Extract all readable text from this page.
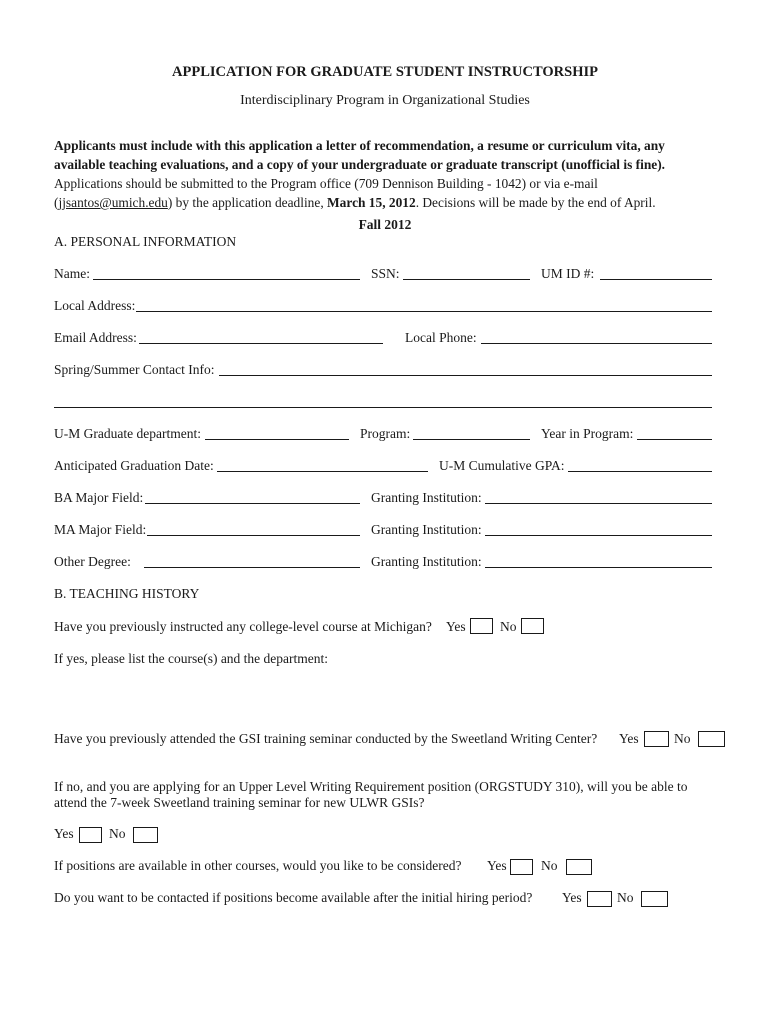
APPLICATION FOR GRADUATE STUDENT INSTRUCTORSHIP
Interdisciplinary Program in Organizational Studies
Applicants must include with this application a letter of recommendation, a resume or curriculum vita, any available teaching evaluations, and a copy of your undergraduate or graduate transcript (unofficial is fine). Applications should be submitted to the Program office (709 Dennison Building - 1042) or via e-mail (jjsantos@umich.edu) by the application deadline, March 15, 2012. Decisions will be made by the end of April.
Fall 2012
A. PERSONAL INFORMATION
Name:	SSN:	UM ID #:
Local Address:
Email Address:	Local Phone:
Spring/Summer Contact Info:
U-M Graduate department:	Program:	Year in Program:
Anticipated Graduation Date:	U-M Cumulative GPA:
BA Major Field:	Granting Institution:
MA Major Field:	Granting Institution:
Other Degree:	Granting Institution:
B. TEACHING HISTORY
Have you previously instructed any college-level course at Michigan? Yes	No
If yes, please list the course(s) and the department:
Have you previously attended the GSI training seminar conducted by the Sweetland Writing Center? Yes	No
If no, and you are applying for an Upper Level Writing Requirement position (ORGSTUDY 310), will you be able to
attend the 7-week Sweetland training seminar for new ULWR GSIs?
Yes	No
If positions are available in other courses, would you like to be considered? Yes	No
Do you want to be contacted if positions become available after the initial hiring period? Yes	No
